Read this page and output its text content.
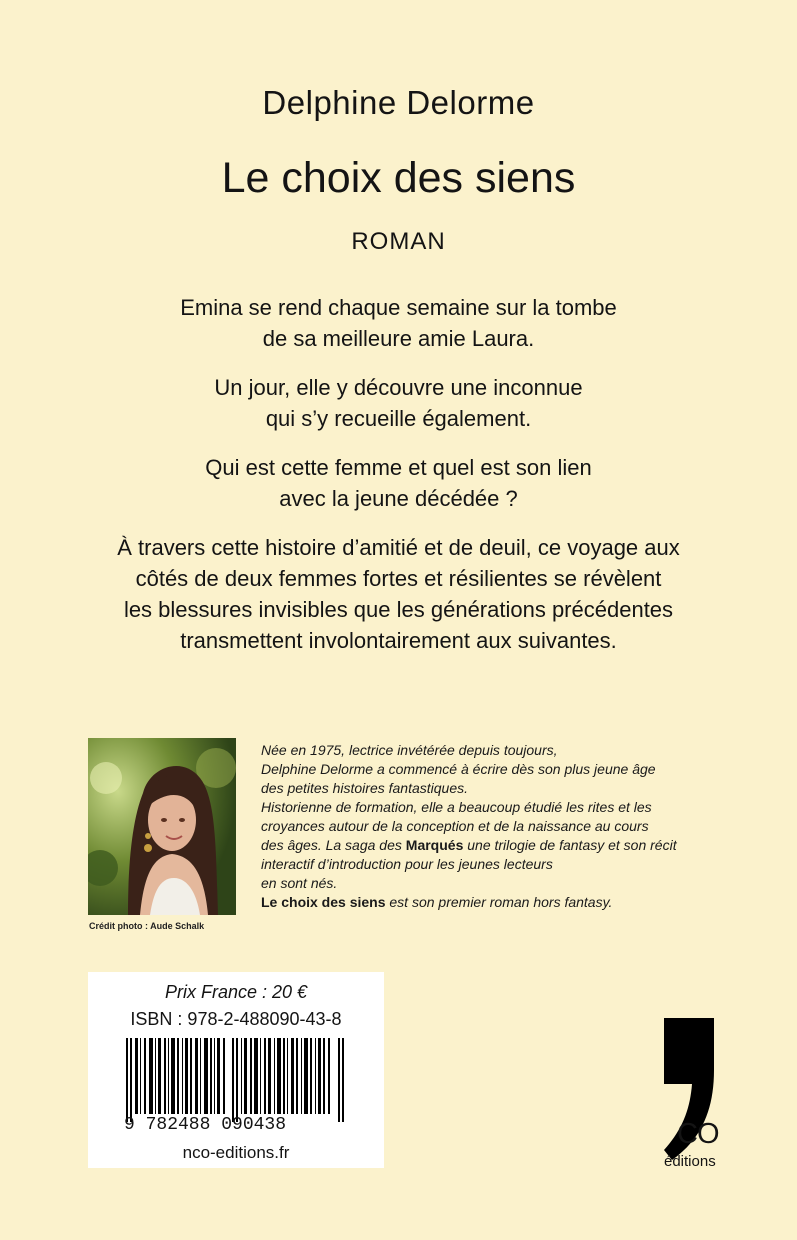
Delphine Delorme
Le choix des siens
ROMAN

Emina se rend chaque semaine sur la tombe
de sa meilleure amie Laura.

Un jour, elle y découvre une inconnue
qui s’y recueille également.

Qui est cette femme et quel est son lien
avec la jeune décédée ?

À travers cette histoire d’amitié et de deuil, ce voyage aux
côtés de deux femmes fortes et résilientes se révèlent
les blessures invisibles que les générations précédentes
transmettent involontairement aux suivantes.

Crédit photo : Aude Schalk
Née en 1975, lectrice invétérée depuis toujours,
Delphine Delorme a commencé à écrire dès son plus jeune âge
des petites histoires fantastiques.
Historienne de formation, elle a beaucoup étudié les rites et les
croyances autour de la conception et de la naissance au cours
des âges. La saga des Marqués une trilogie de fantasy et son récit
interactif d’introduction pour les jeunes lecteurs
en sont nés.
Le choix des siens est son premier roman hors fantasy.
Prix France : 20 €
ISBN : 978-2-488090-43-8
9 782488 090438
nco-editions.fr
CO
éditions
